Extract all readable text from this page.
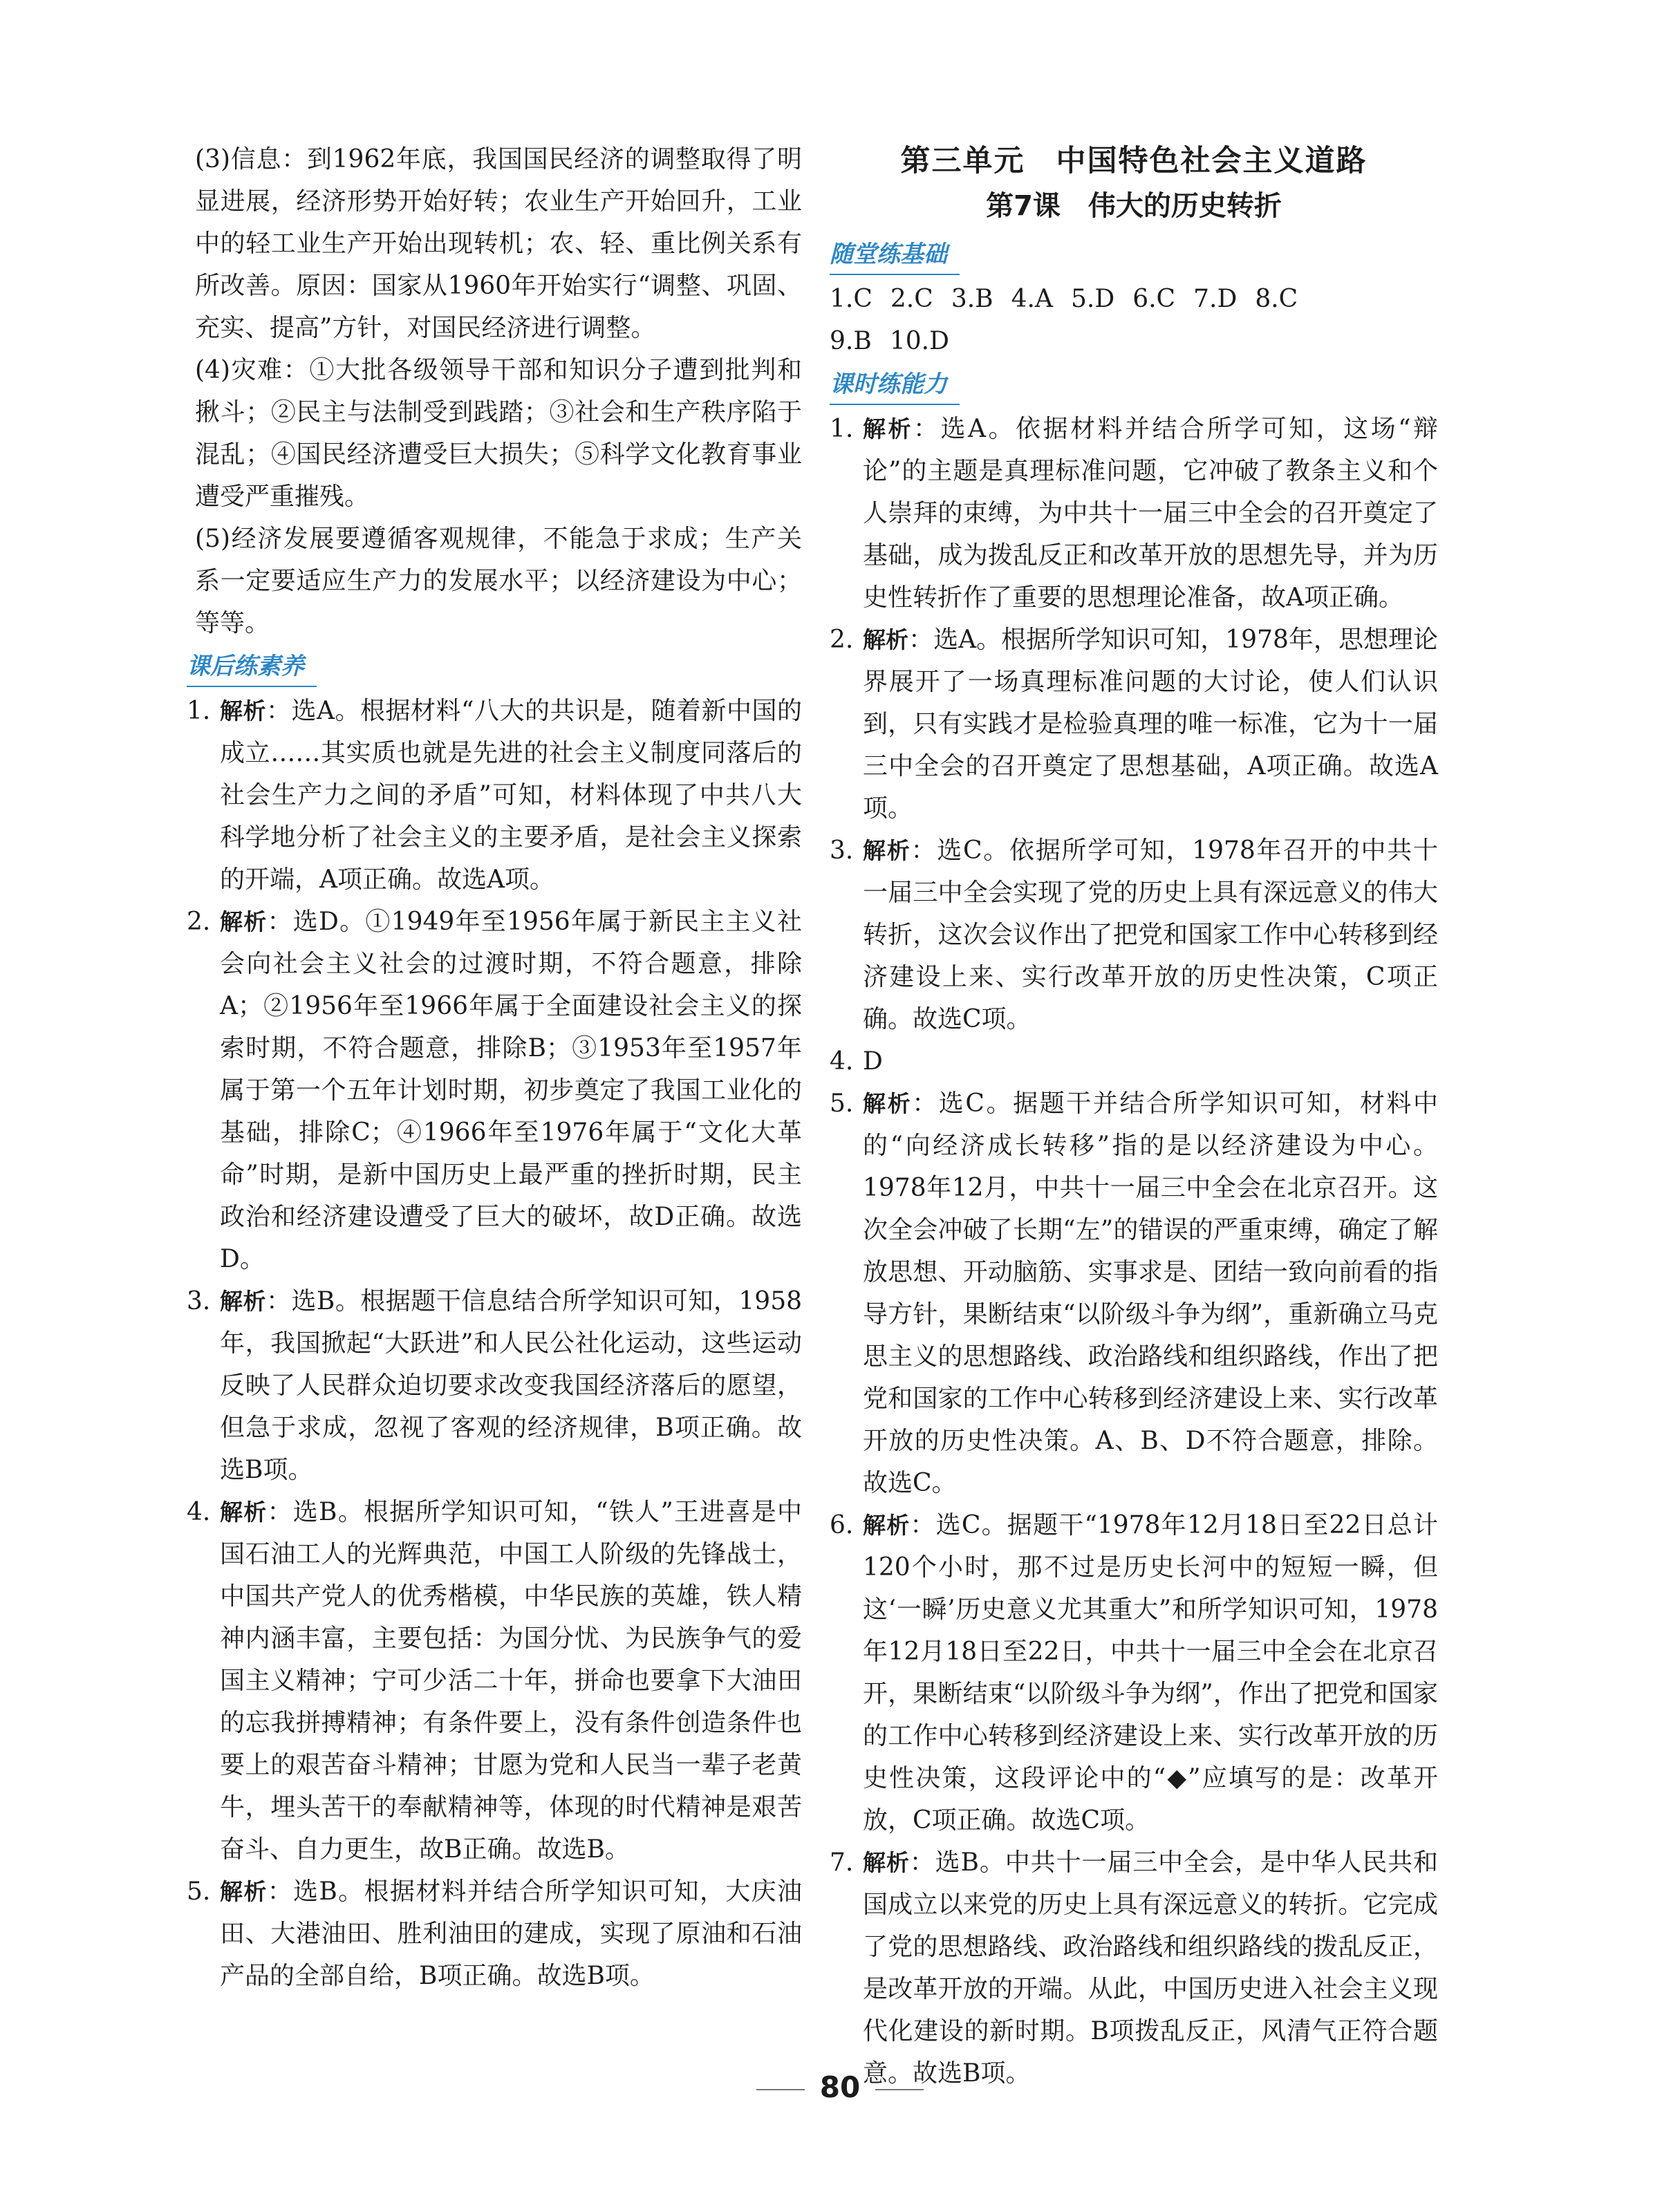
(3)信息：到1962年底，我国国民经济的调整取得了明显进展，经济形势开始好转；农业生产开始回升，工业中的轻工业生产开始出现转机；农、轻、重比例关系有所改善。原因：国家从1960年开始实行“调整、巩固、充实、提高”方针，对国民经济进行调整。

(4)灾难：①大批各级领导干部和知识分子遭到批判和揪斗；②民主与法制受到践踏；③社会和生产秩序陷于混乱；④国民经济遭受巨大损失；⑤科学文化教育事业遭受严重摧残。

(5)经济发展要遵循客观规律，不能急于求成；生产关系一定要适应生产力的发展水平；以经济建设为中心；等等。

课后练素养
1. 解析：选A。根据材料“八大的共识是，随着新中国的成立……其实质也就是先进的社会主义制度同落后的社会生产力之间的矛盾”可知，材料体现了中共八大科学地分析了社会主义的主要矛盾，是社会主义探索的开端，A项正确。故选A项。
2. 解析：选D。①1949年至1956年属于新民主主义社会向社会主义社会的过渡时期，不符合题意，排除A；②1956年至1966年属于全面建设社会主义的探索时期，不符合题意，排除B；③1953年至1957年属于第一个五年计划时期，初步奠定了我国工业化的基础，排除C；④1966年至1976年属于“文化大革命”时期，是新中国历史上最严重的挫折时期，民主政治和经济建设遭受了巨大的破坏，故D正确。故选D。
3. 解析：选B。根据题干信息结合所学知识可知，1958年，我国掀起“大跃进”和人民公社化运动，这些运动反映了人民群众迫切要求改变我国经济落后的愿望，但急于求成，忽视了客观的经济规律，B项正确。故选B项。
4. 解析：选B。根据所学知识可知，“铁人”王进喜是中国石油工人的光辉典范，中国工人阶级的先锋战士，中国共产党人的优秀楷模，中华民族的英雄，铁人精神内涵丰富，主要包括：为国分忧、为民族争气的爱国主义精神；宁可少活二十年，拼命也要拿下大油田的忘我拼搏精神；有条件要上，没有条件创造条件也要上的艰苦奋斗精神；甘愿为党和人民当一辈子老黄牛，埋头苦干的奉献精神等，体现的时代精神是艰苦奋斗、自力更生，故B正确。故选B。
5. 解析：选B。根据材料并结合所学知识可知，大庆油田、大港油田、胜利油田的建成，实现了原油和石油产品的全部自给，B项正确。故选B项。

第三单元　中国特色社会主义道路

第7课　伟大的历史转折

随堂练基础

1.C 2.C 3.B 4.A 5.D 6.C 7.D 8.C

9.B 10.D

课时练能力
1. 解析：选A。依据材料并结合所学可知，这场“辩论”的主题是真理标准问题，它冲破了教条主义和个人崇拜的束缚，为中共十一届三中全会的召开奠定了基础，成为拨乱反正和改革开放的思想先导，并为历史性转折作了重要的思想理论准备，故A项正确。
2. 解析：选A。根据所学知识可知，1978年，思想理论界展开了一场真理标准问题的大讨论，使人们认识到，只有实践才是检验真理的唯一标准，它为十一届三中全会的召开奠定了思想基础，A项正确。故选A项。
3. 解析：选C。依据所学可知，1978年召开的中共十一届三中全会实现了党的历史上具有深远意义的伟大转折，这次会议作出了把党和国家工作中心转移到经济建设上来、实行改革开放的历史性决策，C项正确。故选C项。
4. D
5. 解析：选C。据题干并结合所学知识可知，材料中的“向经济成长转移”指的是以经济建设为中心。1978年12月，中共十一届三中全会在北京召开。这次全会冲破了长期“左”的错误的严重束缚，确定了解放思想、开动脑筋、实事求是、团结一致向前看的指导方针，果断结束“以阶级斗争为纲”，重新确立马克思主义的思想路线、政治路线和组织路线，作出了把党和国家的工作中心转移到经济建设上来、实行改革开放的历史性决策。A、B、D不符合题意，排除。故选C。
6. 解析：选C。据题干“1978年12月18日至22日总计120个小时，那不过是历史长河中的短短一瞬，但这‘一瞬’历史意义尤其重大”和所学知识可知，1978年12月18日至22日，中共十一届三中全会在北京召开，果断结束“以阶级斗争为纲”，作出了把党和国家的工作中心转移到经济建设上来、实行改革开放的历史性决策，这段评论中的“◆”应填写的是：改革开放，C项正确。故选C项。
7. 解析：选B。中共十一届三中全会，是中华人民共和国成立以来党的历史上具有深远意义的转折。它完成了党的思想路线、政治路线和组织路线的拨乱反正，是改革开放的开端。从此，中国历史进入社会主义现代化建设的新时期。B项拨乱反正，风清气正符合题意。故选B项。
80
